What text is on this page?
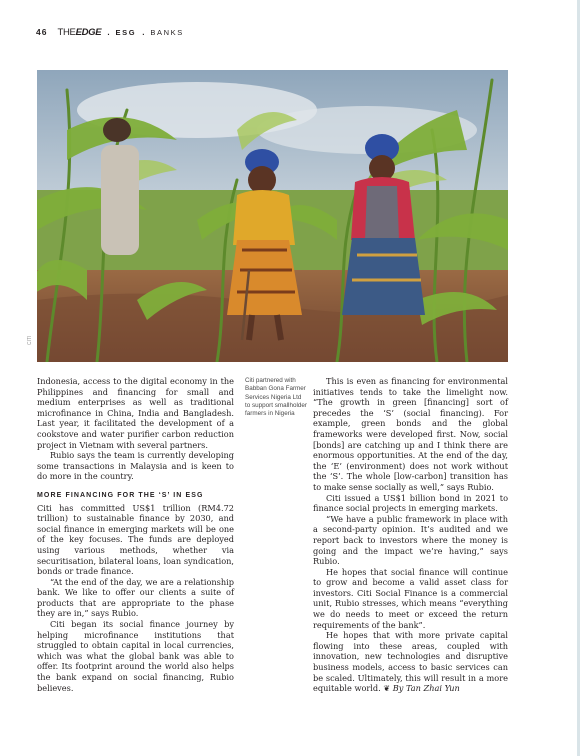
46 THEEDGE . ESG . BANKS
CITI

Indonesia, access to the digital economy in the Philippines and financing for small and medium enterprises as well as traditional microfinance in China, India and Bangladesh. Last year, it facilitated the development of a cookstove and water purifier carbon reduction project in Vietnam with several partners.

Rubio says the team is currently developing some transactions in Malaysia and is keen to do more in the country.

MORE FINANCING FOR THE ‘S’ IN ESG

Citi has committed US$1 trillion (RM4.72 trillion) to sustainable finance by 2030, and social finance in emerging markets will be one of the key focuses. The funds are deployed using various methods, whether via securitisation, bilateral loans, loan syndication, bonds or trade finance.

“At the end of the day, we are a relationship bank. We like to offer our clients a suite of products that are appropriate to the phase they are in,” says Rubio.

Citi began its social finance journey by helping microfinance institutions that struggled to obtain capital in local currencies, which was what the global bank was able to offer. Its footprint around the world also helps the bank expand on social financing, Rubio believes.

Citi partnered with Babban Gona Farmer Services Nigeria Ltd to support smallholder farmers in Nigeria

This is even as financing for environmental initiatives tends to take the limelight now. “The growth in green [financing] sort of precedes the ‘S’ (social financing). For example, green bonds and the global frameworks were developed first. Now, social [bonds] are catching up and I think there are enormous opportunities. At the end of the day, the ‘E’ (environment) does not work without the ‘S’. The whole [low-carbon] transition has to make sense socially as well,” says Rubio.

Citi issued a US$1 billion bond in 2021 to finance social projects in emerging markets.

“We have a public framework in place with a second-party opinion. It’s audited and we report back to investors where the money is going and the impact we’re having,” says Rubio.

He hopes that social finance will continue to grow and become a valid asset class for investors. Citi Social Finance is a commercial unit, Rubio stresses, which means “everything we do needs to meet or exceed the return requirements of the bank”.

He hopes that with more private capital flowing into these areas, coupled with innovation, new technologies and disruptive business models, access to basic services can be scaled. Ultimately, this will result in a more equitable world. ❦ By Tan Zhai Yun
